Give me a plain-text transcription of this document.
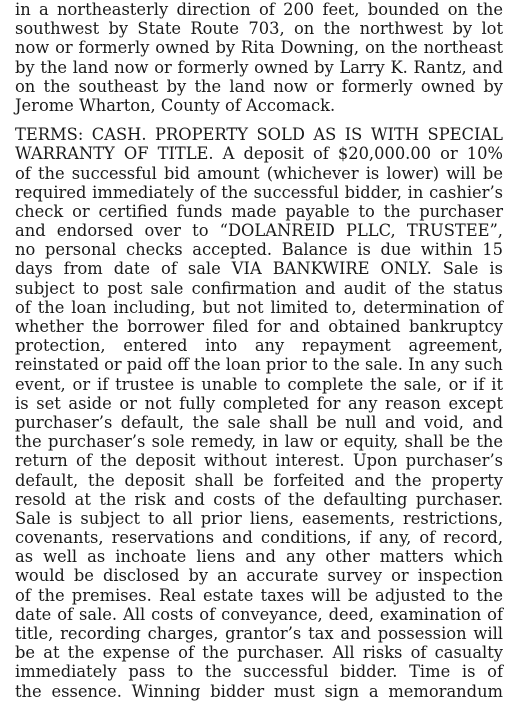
in a northeasterly direction of 200 feet, bounded on the
southwest by State Route 703, on the northwest by lot
now or formerly owned by Rita Downing, on the northeast
by the land now or formerly owned by Larry K. Rantz, and
on the southeast by the land now or formerly owned by
Jerome Wharton, County of Accomack.
TERMS: CASH. PROPERTY SOLD AS IS WITH SPECIAL
WARRANTY OF TITLE. A deposit of $20,000.00 or 10%
of the successful bid amount (whichever is lower) will be
required immediately of the successful bidder, in cashier’s
check or certified funds made payable to the purchaser
and endorsed over to “DOLANREID PLLC, TRUSTEE”,
no personal checks accepted. Balance is due within 15
days from date of sale VIA BANKWIRE ONLY. Sale is
subject to post sale confirmation and audit of the status
of the loan including, but not limited to, determination of
whether the borrower filed for and obtained bankruptcy
protection, entered into any repayment agreement,
reinstated or paid off the loan prior to the sale. In any such
event, or if trustee is unable to complete the sale, or if it
is set aside or not fully completed for any reason except
purchaser’s default, the sale shall be null and void, and
the purchaser’s sole remedy, in law or equity, shall be the
return of the deposit without interest. Upon purchaser’s
default, the deposit shall be forfeited and the property
resold at the risk and costs of the defaulting purchaser.
Sale is subject to all prior liens, easements, restrictions,
covenants, reservations and conditions, if any, of record,
as well as inchoate liens and any other matters which
would be disclosed by an accurate survey or inspection
of the premises. Real estate taxes will be adjusted to the
date of sale. All costs of conveyance, deed, examination of
title, recording charges, grantor’s tax and possession will
be at the expense of the purchaser. All risks of casualty
immediately pass to the successful bidder. Time is of
the essence. Winning bidder must sign a memorandum
